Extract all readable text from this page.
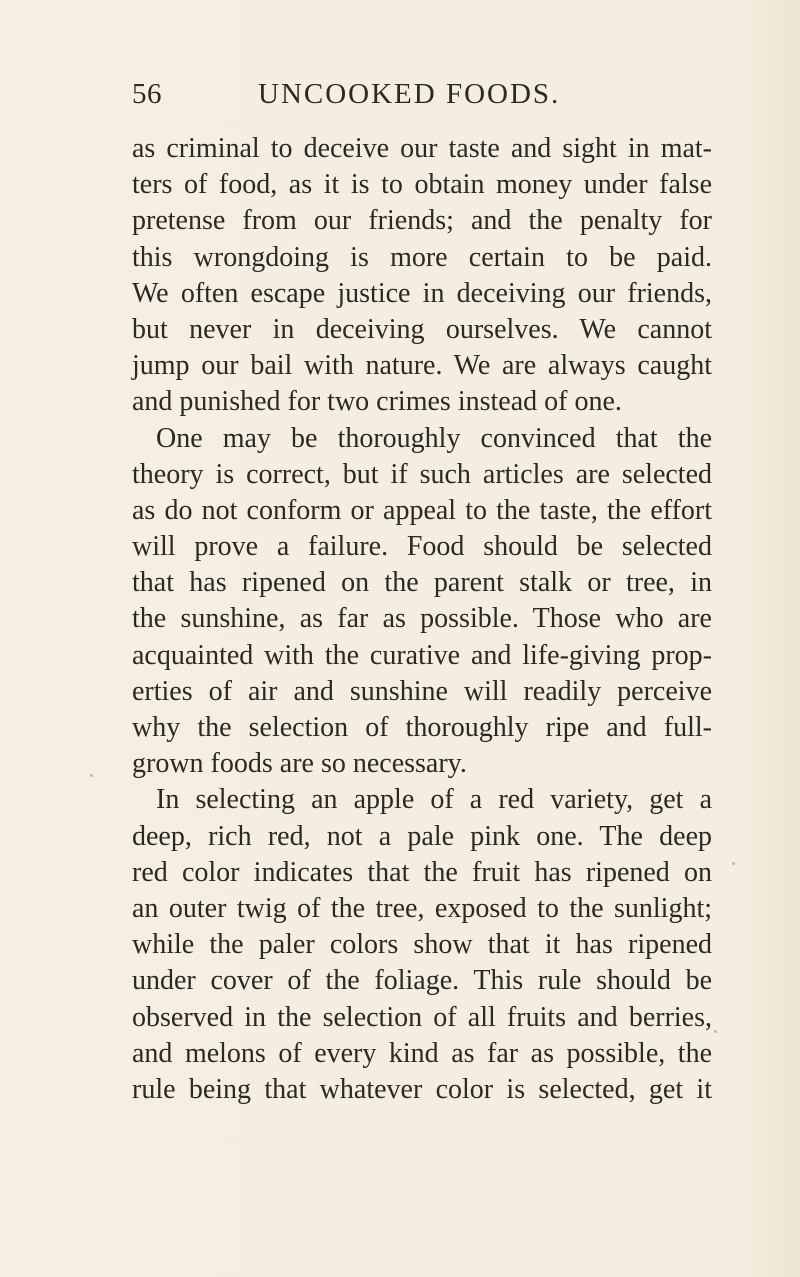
56	UNCOOKED FOODS.
as criminal to deceive our taste and sight in mat-
ters of food, as it is to obtain money under false
pretense from our friends; and the penalty for
this wrongdoing is more certain to be paid.
We often escape justice in deceiving our friends,
but never in deceiving ourselves. We cannot
jump our bail with nature. We are always caught
and punished for two crimes instead of one.
One may be thoroughly convinced that the
theory is correct, but if such articles are selected
as do not conform or appeal to the taste, the effort
will prove a failure. Food should be selected
that has ripened on the parent stalk or tree, in
the sunshine, as far as possible. Those who are
acquainted with the curative and life-giving prop-
erties of air and sunshine will readily perceive
why the selection of thoroughly ripe and full-
grown foods are so necessary.
In selecting an apple of a red variety, get a
deep, rich red, not a pale pink one. The deep
red color indicates that the fruit has ripened on
an outer twig of the tree, exposed to the sunlight;
while the paler colors show that it has ripened
under cover of the foliage. This rule should be
observed in the selection of all fruits and berries,
and melons of every kind as far as possible, the
rule being that whatever color is selected, get it
